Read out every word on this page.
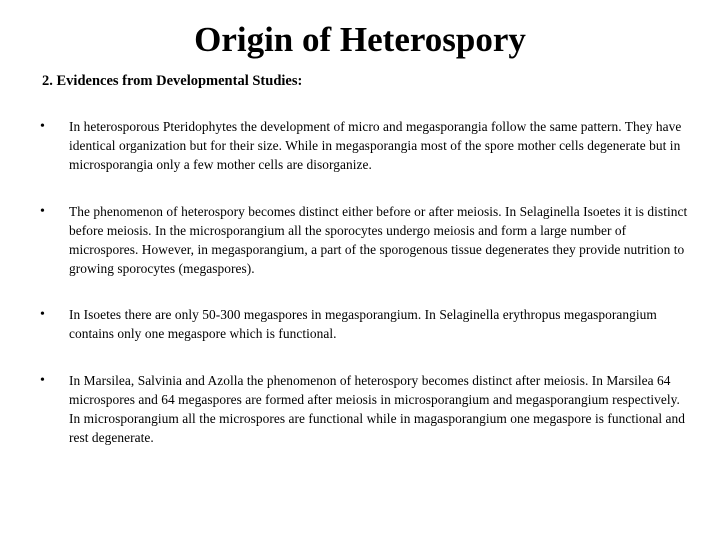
Origin of Heterospory

2. Evidences from Developmental Studies:

• In heterosporous Pteridophytes the development of micro and megasporangia follow the same pattern. They have identical organization but for their size. While in megasporangia most of the spore mother cells degenerate but in microsporangia only a few mother cells are disorganize.

• The phenomenon of heterospory becomes distinct either before or after meiosis. In Selaginella Isoetes it is distinct before meiosis. In the microsporangium all the sporocytes undergo meiosis and form a large number of microspores. However, in megasporangium, a part of the sporogenous tissue degenerates they provide nutrition to growing sporocytes (megaspores).

• In Isoetes there are only 50-300 megaspores in megasporangium. In Selaginella erythropus megasporangium contains only one megaspore which is functional.

• In Marsilea, Salvinia and Azolla the phenomenon of heterospory becomes distinct after meiosis. In Marsilea 64 microspores and 64 megaspores are formed after meiosis in microsporangium and megasporangium respectively. In microsporangium all the microspores are functional while in magasporangium one megaspore is functional and rest degenerate.
